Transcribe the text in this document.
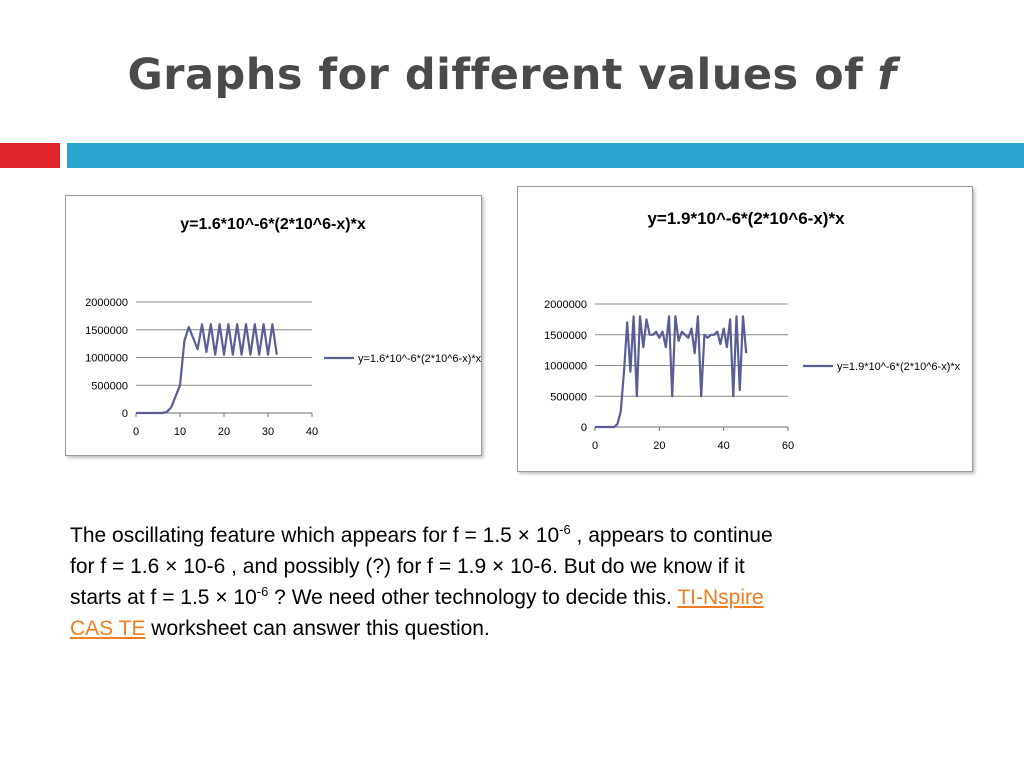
Graphs for different values of f
y=1.6*10^-6*(2*10^6-x)*x
0
500000
1000000
1500000
2000000
0	10	20	30	40
y=1.6*10^-6*(2*10^6-x)*x
y=1.9*10^-6*(2*10^6-x)*x
0
500000
1000000
1500000
2000000
0	20	40	60
y=1.9*10^-6*(2*10^6-x)*x

The oscillating feature which appears for $f = 1.5 \times 10^{-6}$ , appears to continue for f = 1.6 × 10-6 , and possibly (?) for f = 1.9 × 10-6. But do we know if it starts at $f = 1.5 \times 10^{-6}$ ? We need other technology to decide this. TI-Nspire CAS TE worksheet can answer this question.
